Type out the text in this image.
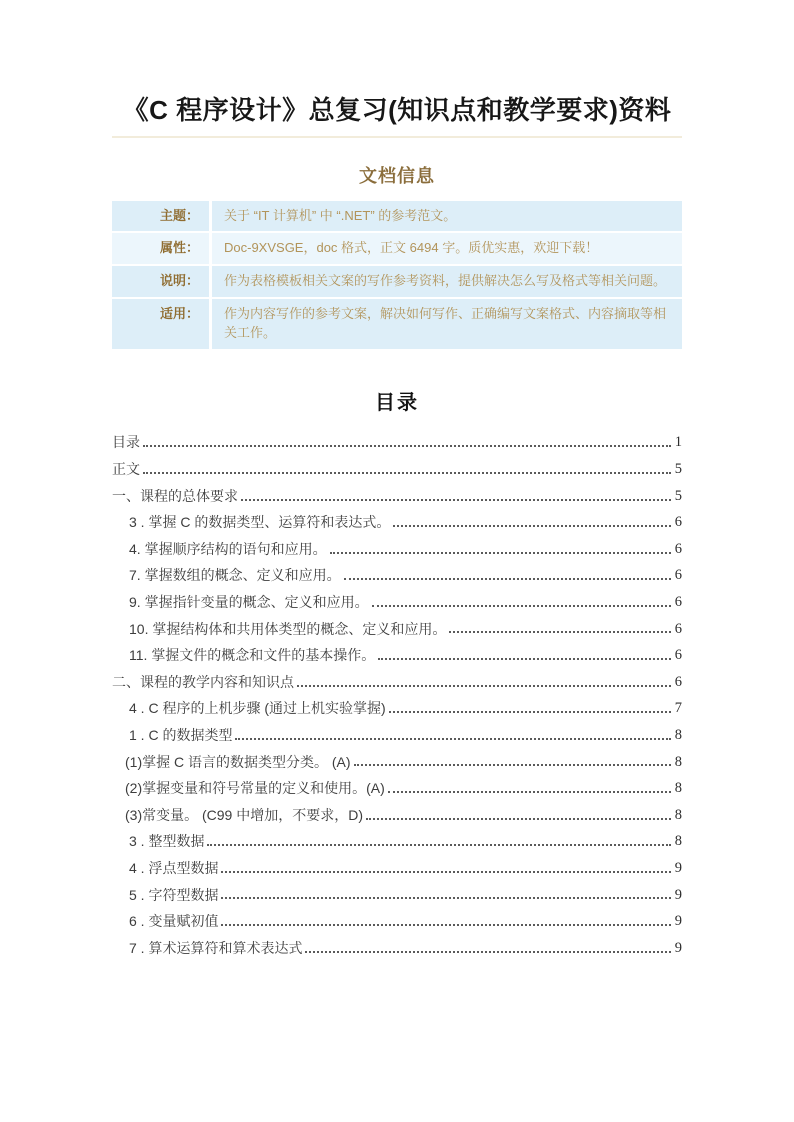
《C 程序设计》总复习(知识点和教学要求)资料
文档信息
主题：	关于 “IT 计算机” 中 “.NET” 的参考范文。
属性：	Doc-9XVSGE，doc 格式，正文 6494 字。质优实惠，欢迎下载！
说明：	作为表格模板相关文案的写作参考资料，提供解决怎么写及格式等相关问题。
适用：	作为内容写作的参考文案，解决如何写作、正确编写文案格式、内容摘取等相关工作。
目录
目录	1
正文	5
一、课程的总体要求	5
3 . 掌握 C 的数据类型、运算符和表达式。	6
4. 掌握顺序结构的语句和应用。	6
7. 掌握数组的概念、定义和应用。	6
9. 掌握指针变量的概念、定义和应用。	6
10. 掌握结构体和共用体类型的概念、定义和应用。	6
11. 掌握文件的概念和文件的基本操作。	6
二、课程的教学内容和知识点	6
4 . C 程序的上机步骤 (通过上机实验掌握)	7
1 . C 的数据类型	8
(1)掌握 C 语言的数据类型分类。 (A)	8
(2)掌握变量和符号常量的定义和使用。(A)	8
(3)常变量。 (C99 中增加，不要求，D)	8
3 . 整型数据	8
4 . 浮点型数据	9
5 . 字符型数据	9
6 . 变量赋初值	9
7 . 算术运算符和算术表达式	9
